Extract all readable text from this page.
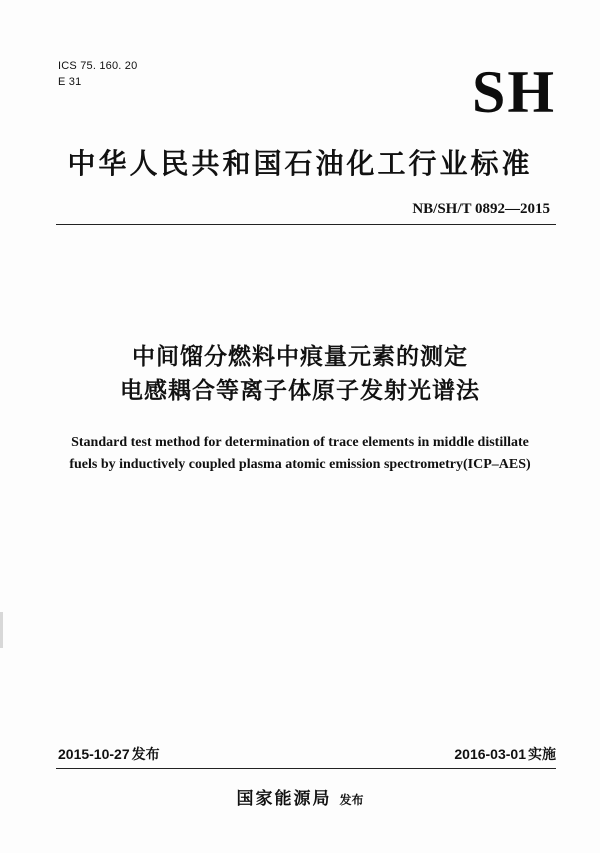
ICS 75. 160. 20
E 31	SH
中华人民共和国石油化工行业标准
NB/SH/T 0892—2015
中间馏分燃料中痕量元素的测定
电感耦合等离子体原子发射光谱法
Standard test method for determination of trace elements in middle distillate
fuels by inductively coupled plasma atomic emission spectrometry(ICP–AES)
2015-10-27 发布	2016-03-01 实施
国家能源局 发布
